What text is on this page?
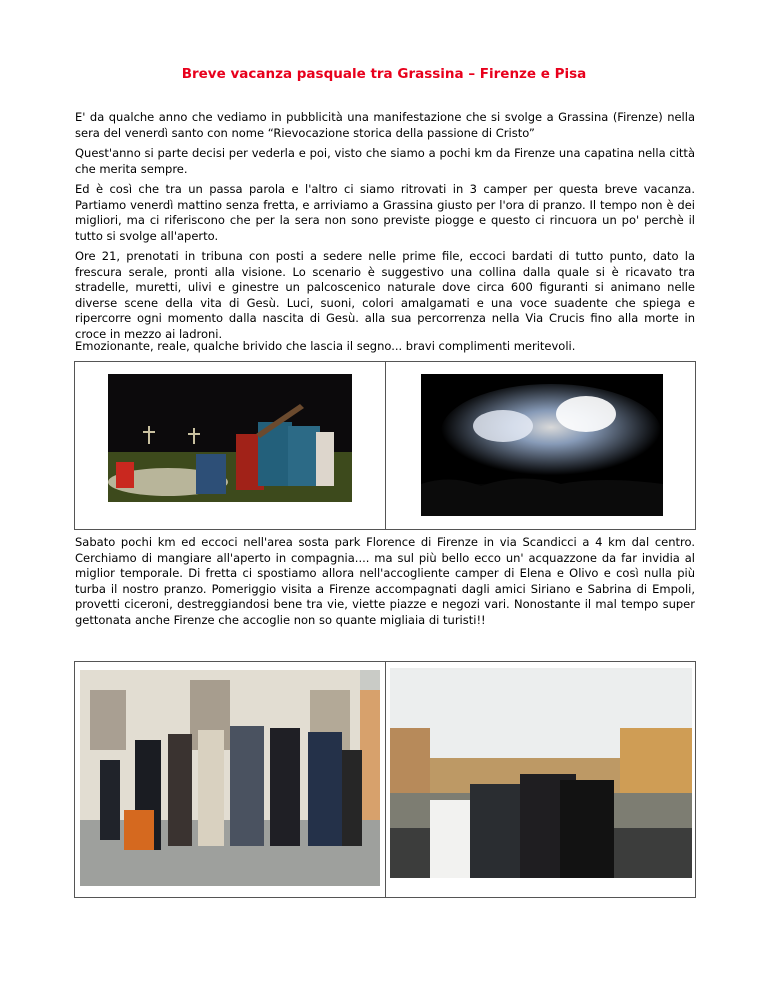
Breve vacanza pasquale tra Grassina – Firenze e Pisa

E' da qualche anno che vediamo in pubblicità una manifestazione che si svolge a Grassina (Firenze) nella sera del venerdì santo con nome “Rievocazione storica della passione di Cristo”

Quest'anno si parte decisi per vederla e poi, visto che siamo a pochi km da Firenze una capatina nella città che merita sempre.

Ed è così che tra un passa parola e l'altro ci siamo ritrovati in 3 camper per questa breve vacanza. Partiamo venerdì mattino senza fretta, e arriviamo a Grassina giusto per l'ora di pranzo. Il tempo non è dei migliori, ma ci riferiscono che per la sera non sono previste piogge e questo ci rincuora un po' perchè il tutto si svolge all'aperto.

Ore 21, prenotati in tribuna con posti a sedere nelle prime file, eccoci bardati di tutto punto, dato la frescura serale, pronti alla visione. Lo scenario è suggestivo una collina dalla quale si è ricavato tra stradelle, muretti, ulivi e ginestre un palcoscenico naturale dove circa 600 figuranti si animano nelle diverse scene della vita di Gesù. Luci, suoni, colori amalgamati e una voce suadente che spiega e ripercorre ogni momento dalla nascita di Gesù. alla sua percorrenza nella Via Crucis fino alla morte in croce in mezzo ai ladroni.

Emozionante, reale, qualche brivido che lascia il segno... bravi complimenti meritevoli.

Sabato pochi km ed eccoci nell'area sosta park Florence di Firenze in via Scandicci a 4 km dal centro. Cerchiamo di mangiare all'aperto in compagnia.... ma sul più bello ecco un' acquazzone da far invidia al miglior temporale. Di fretta ci spostiamo allora nell'accogliente camper di Elena e Olivo e così nulla più turba il nostro pranzo. Pomeriggio visita a Firenze accompagnati dagli amici Siriano e Sabrina di Empoli, provetti ciceroni, destreggiandosi bene tra vie, viette piazze e negozi vari. Nonostante il mal tempo super gettonata anche Firenze che accoglie non so quante migliaia di turisti!!
